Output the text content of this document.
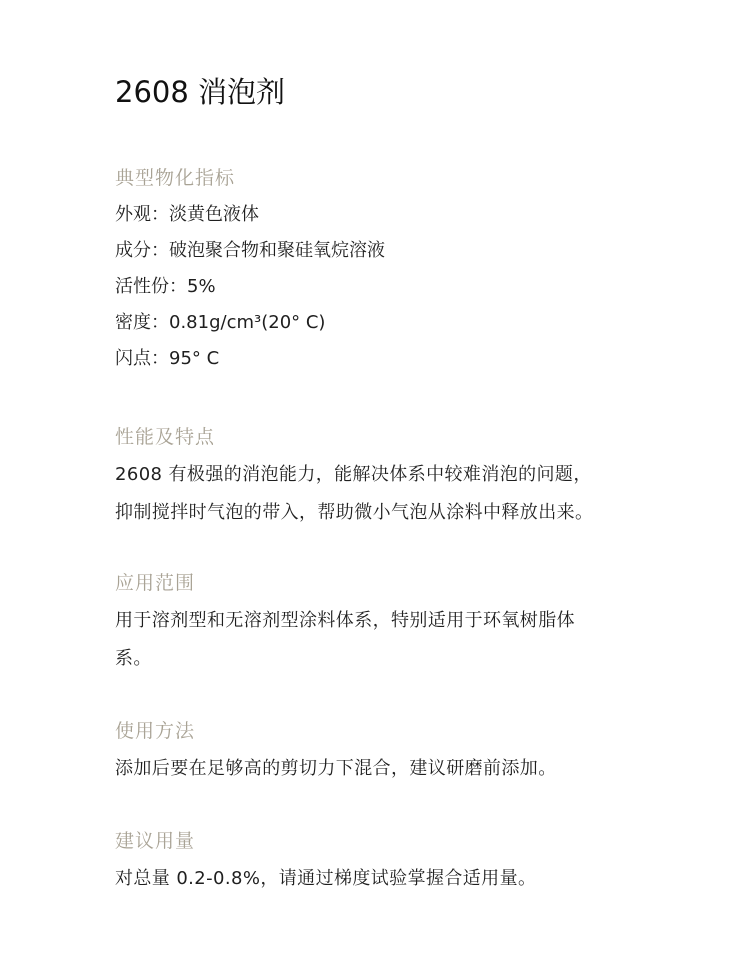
2608 消泡剂
典型物化指标
外观：淡黄色液体
成分：破泡聚合物和聚硅氧烷溶液
活性份：5%
密度：0.81g/cm³(20° C)
闪点：95° C
性能及特点
2608 有极强的消泡能力，能解决体系中较难消泡的问题，
抑制搅拌时气泡的带入，帮助微小气泡从涂料中释放出来。
应用范围
用于溶剂型和无溶剂型涂料体系，特别适用于环氧树脂体
系。
使用方法
添加后要在足够高的剪切力下混合，建议研磨前添加。
建议用量
对总量 0.2-0.8%，请通过梯度试验掌握合适用量。
